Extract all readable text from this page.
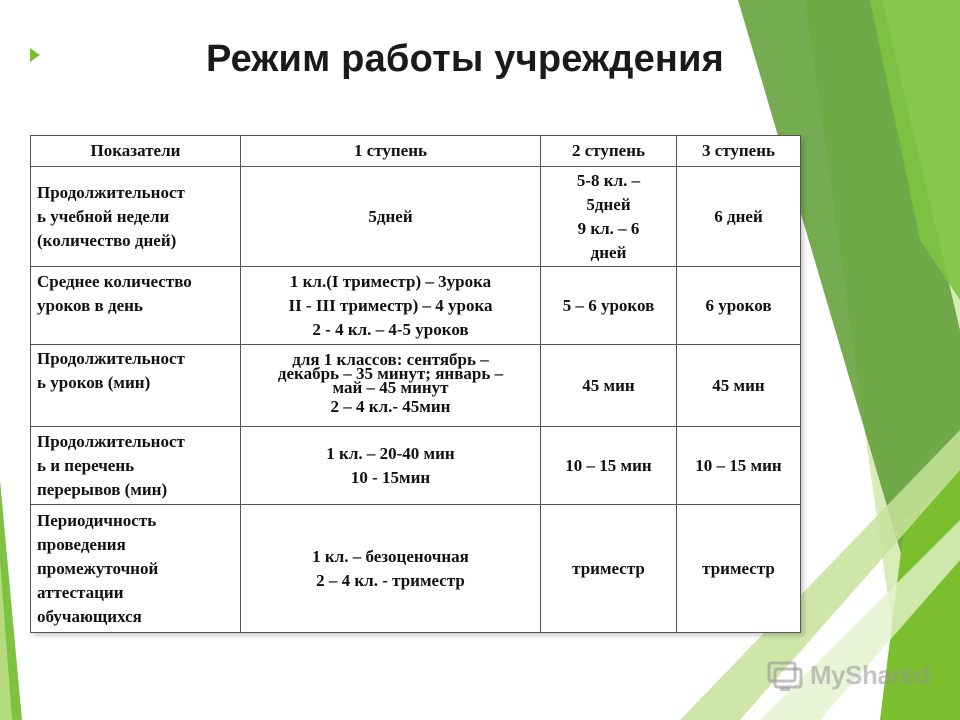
Режим работы учреждения
Показатели	1 ступень	2 ступень	3 ступень

Продолжительност
ь учебной недели
(количество дней)	5дней	5-8 кл. –
5дней
9 кл. – 6
дней	6 дней

Среднее количество
уроков в день	1 кл.(I триместр) – 3урока
II - III триместр) – 4 урока
2 - 4 кл. – 4-5 уроков	5 – 6 уроков	6 уроков

Продолжительност
ь уроков (мин)	для 1 классов: сентябрь –
декабрь – 35 минут; январь –
май – 45 минут
2 – 4 кл.- 45мин	45 мин	45 мин

Продолжительност
ь и перечень
перерывов (мин)	1 кл. – 20-40 мин
10 - 15мин	10 – 15 мин	10 – 15 мин

Периодичность
проведения
промежуточной
аттестации
обучающихся	1 кл. – безоценочная
2 – 4 кл. - триместр	триместр	триместр
MyShared
